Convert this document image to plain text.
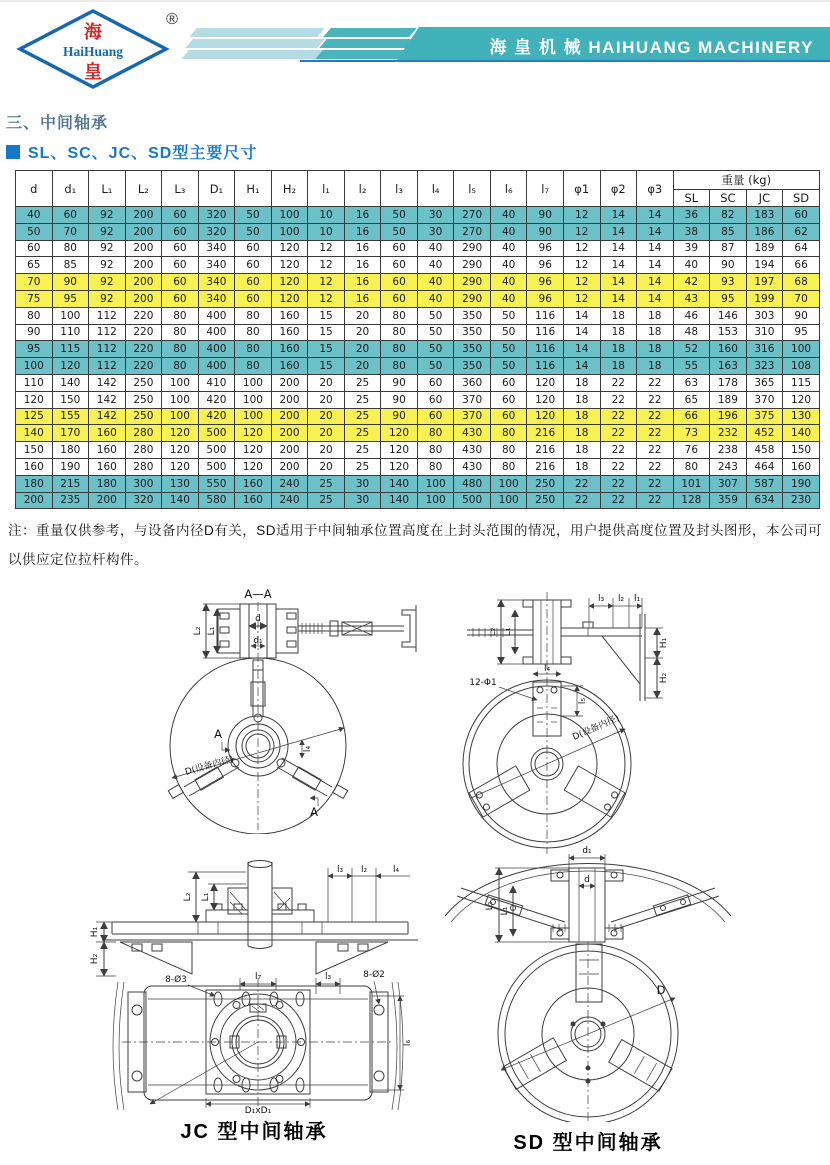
海
HaiHuang
皇
®
海 皇 机 械 HAIHUANG MACHINERY
三、中间轴承
SL、SC、JC、SD型主要尺寸
d	d₁	L₁	L₂	L₃	D₁	H₁	H₂	l₁	l₂	l₃	l₄	l₅	l₆	l₇	φ1	φ2	φ3	重量 (kg)			
																		SL	SC	JC	SD
40	60	92	200	60	320	50	100	10	16	50	30	270	40	90	12	14	14	36	82	183	60
50	70	92	200	60	320	50	100	10	16	50	30	270	40	90	12	14	14	38	85	186	62
60	80	92	200	60	340	60	120	12	16	60	40	290	40	96	12	14	14	39	87	189	64
65	85	92	200	60	340	60	120	12	16	60	40	290	40	96	12	14	14	40	90	194	66
70	90	92	200	60	340	60	120	12	16	60	40	290	40	96	12	14	14	42	93	197	68
75	95	92	200	60	340	60	120	12	16	60	40	290	40	96	12	14	14	43	95	199	70
80	100	112	220	80	400	80	160	15	20	80	50	350	50	116	14	18	18	46	146	303	90
90	110	112	220	80	400	80	160	15	20	80	50	350	50	116	14	18	18	48	153	310	95
95	115	112	220	80	400	80	160	15	20	80	50	350	50	116	14	18	18	52	160	316	100
100	120	112	220	80	400	80	160	15	20	80	50	350	50	116	14	18	18	55	163	323	108
110	140	142	250	100	410	100	200	20	25	90	60	360	60	120	18	22	22	63	178	365	115
120	150	142	250	100	420	100	200	20	25	90	60	370	60	120	18	22	22	65	189	370	120
125	155	142	250	100	420	100	200	20	25	90	60	370	60	120	18	22	22	66	196	375	130
140	170	160	280	120	500	120	200	20	25	120	80	430	80	216	18	22	22	73	232	452	140
150	180	160	280	120	500	120	200	20	25	120	80	430	80	216	18	22	22	76	238	458	150
160	190	160	280	120	500	120	200	20	25	120	80	430	80	216	18	22	22	80	243	464	160
180	215	180	300	130	550	160	240	25	30	140	100	480	100	250	22	22	22	101	307	587	190
200	235	200	320	140	580	160	240	25	30	140	100	500	100	250	22	22	22	128	359	634	230
注：重量仅供参考，与设备内径D有关，SD适用于中间轴承位置高度在上封头范围的情况，用户提供高度位置及封头图形，本公司可以供应定位拉杆构件。
A—A
d
d₁
L₂ L₁
D(设备内径)
A
A
l₄
L₂ L₁
l₃ l₂ l₁
H₁
H₂
12-Φ1
l₄
l₅
D(设备内径)
L₂ L₁
H₁
H₂
l₃ l₂	l₄
8-Ø3	l₇	l₃	8-Ø2
D₁xD₁
l₆
d₁
d
L₂
L₁
D
JC 型中间轴承	SD 型中间轴承
